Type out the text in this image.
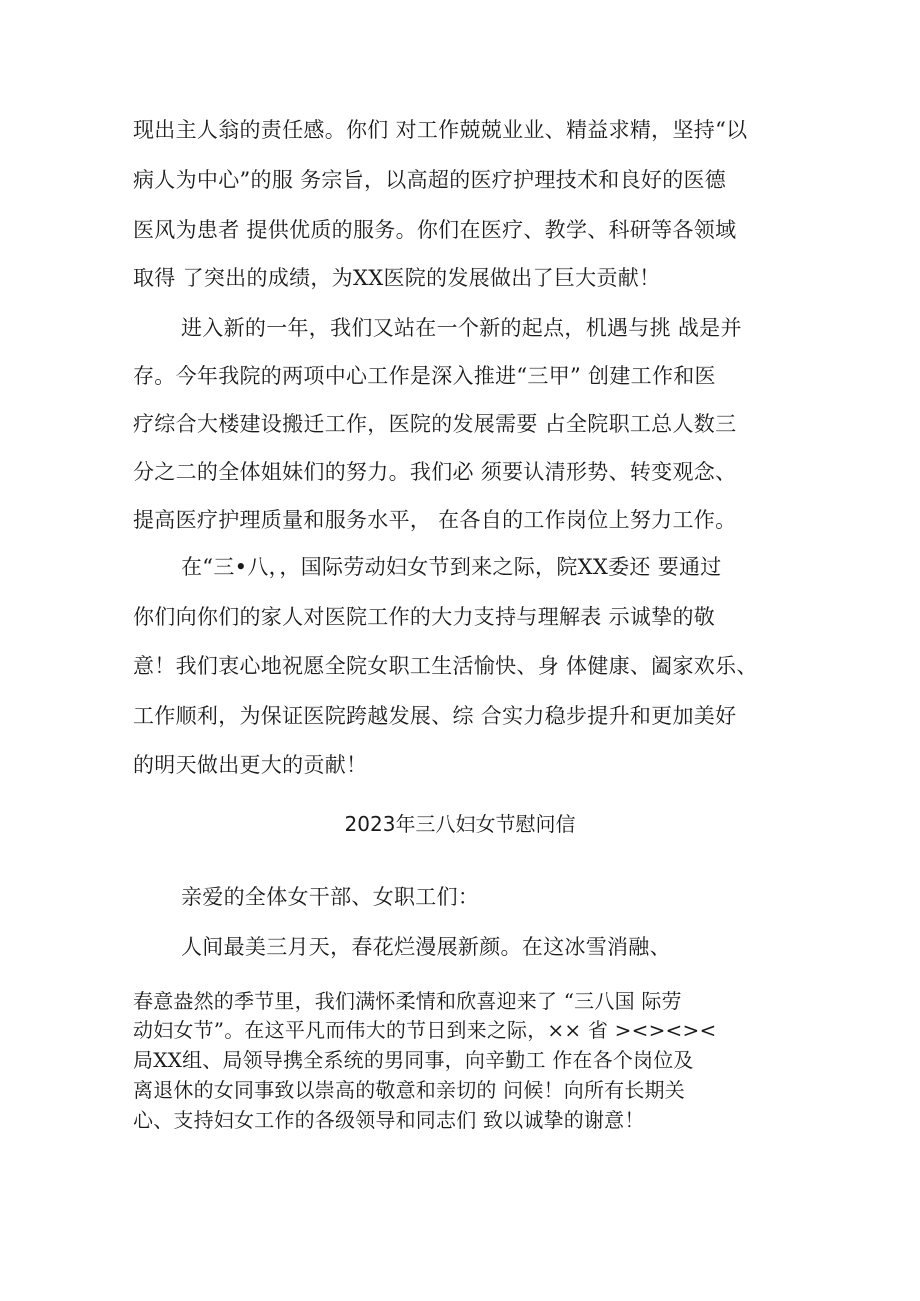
现出主人翁的责任感。你们 对工作兢兢业业、精益求精，坚持“以
病人为中心”的服 务宗旨，以高超的医疗护理技术和良好的医德
医风为患者 提供优质的服务。你们在医疗、教学、科研等各领域
取得 了突出的成绩，为XX医院的发展做出了巨大贡献！
进入新的一年，我们又站在一个新的起点，机遇与挑 战是并
存。今年我院的两项中心工作是深入推进“三甲” 创建工作和医
疗综合大楼建设搬迁工作，医院的发展需要 占全院职工总人数三
分之二的全体姐妹们的努力。我们必 须要认清形势、转变观念、
提高医疗护理质量和服务水平， 在各自的工作岗位上努力工作。
在“三•八，，国际劳动妇女节到来之际，院XX委还 要通过
你们向你们的家人对医院工作的大力支持与理解表 示诚挚的敬
意！我们衷心地祝愿全院女职工生活愉快、身 体健康、阖家欢乐、
工作顺利，为保证医院跨越发展、综 合实力稳步提升和更加美好
的明天做出更大的贡献！
2023年三八妇女节慰问信
亲爱的全体女干部、女职工们：
人间最美三月天，春花烂漫展新颜。在这冰雪消融、
春意盎然的季节里，我们满怀柔情和欣喜迎来了 “三八国 际劳
动妇女节”。在这平凡而伟大的节日到来之际，×× 省 ><><><
局XX组、局领导携全系统的男同事，向辛勤工 作在各个岗位及
离退休的女同事致以崇高的敬意和亲切的 问候！向所有长期关
心、支持妇女工作的各级领导和同志们 致以诚挚的谢意！
